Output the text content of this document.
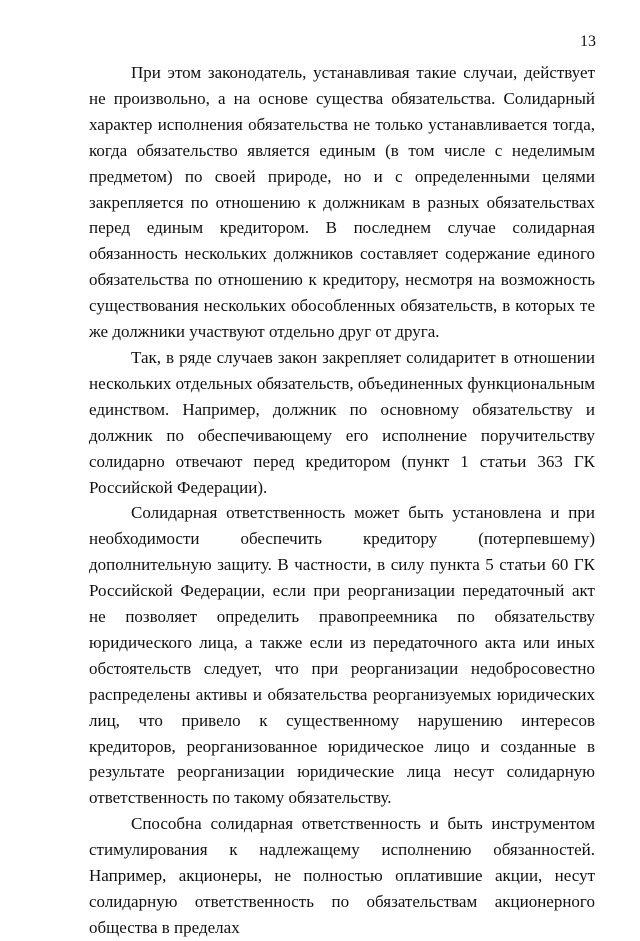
13

При этом законодатель, устанавливая такие случаи, действует не произвольно, а на основе существа обязательства. Солидарный характер исполнения обязательства не только устанавливается тогда, когда обязательство является единым (в том числе с неделимым предметом) по своей природе, но и с определенными целями закрепляется по отношению к должникам в разных обязательствах перед единым кредитором. В последнем случае солидарная обязанность нескольких должников составляет содержание единого обязательства по отношению к кредитору, несмотря на возможность существования нескольких обособленных обязательств, в которых те же должники участвуют отдельно друг от друга.

Так, в ряде случаев закон закрепляет солидаритет в отношении нескольких отдельных обязательств, объединенных функциональным единством. Например, должник по основному обязательству и должник по обеспечивающему его исполнение поручительству солидарно отвечают перед кредитором (пункт 1 статьи 363 ГК Российской Федерации).

Солидарная ответственность может быть установлена и при необходимости обеспечить кредитору (потерпевшему) дополнительную защиту. В частности, в силу пункта 5 статьи 60 ГК Российской Федерации, если при реорганизации передаточный акт не позволяет определить правопреемника по обязательству юридического лица, а также если из передаточного акта или иных обстоятельств следует, что при реорганизации недобросовестно распределены активы и обязательства реорганизуемых юридических лиц, что привело к существенному нарушению интересов кредиторов, реорганизованное юридическое лицо и созданные в результате реорганизации юридические лица несут солидарную ответственность по такому обязательству.

Способна солидарная ответственность и быть инструментом стимулирования к надлежащему исполнению обязанностей. Например, акционеры, не полностью оплатившие акции, несут солидарную ответственность по обязательствам акционерного общества в пределах
